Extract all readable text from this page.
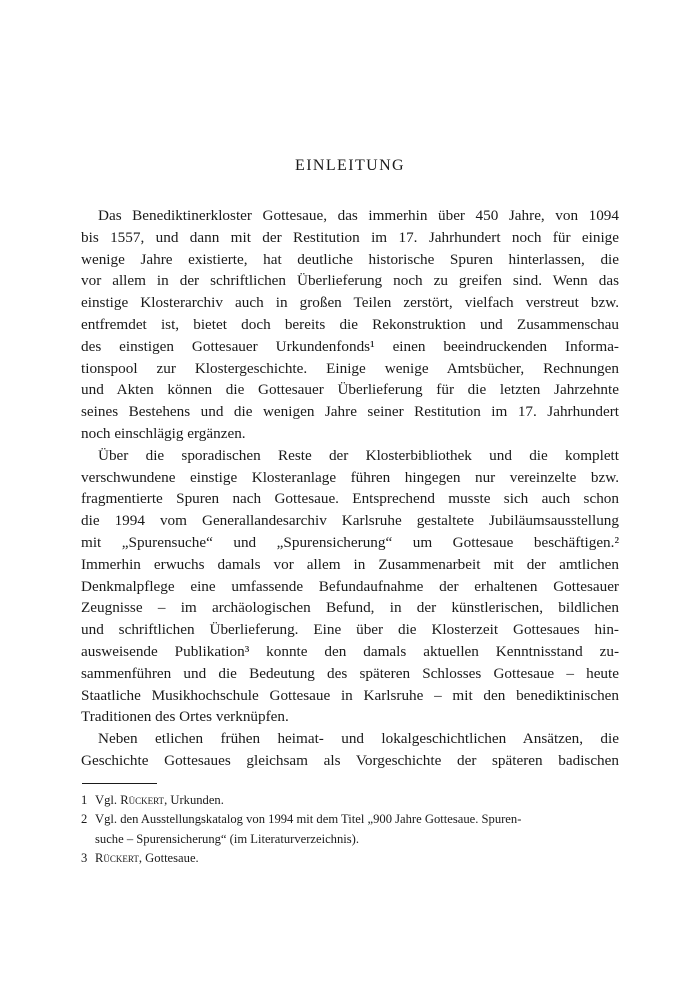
EINLEITUNG
Das Benediktinerkloster Gottesaue, das immerhin über 450 Jahre, von 1094
bis 1557, und dann mit der Restitution im 17. Jahrhundert noch für einige
wenige Jahre existierte, hat deutliche historische Spuren hinterlassen, die
vor allem in der schriftlichen Überlieferung noch zu greifen sind. Wenn das
einstige Klosterarchiv auch in großen Teilen zerstört, vielfach verstreut bzw.
entfremdet ist, bietet doch bereits die Rekonstruktion und Zusammenschau
des einstigen Gottesauer Urkundenfonds¹ einen beeindruckenden Informa-
tionspool zur Klostergeschichte. Einige wenige Amtsbücher, Rechnungen
und Akten können die Gottesauer Überlieferung für die letzten Jahrzehnte
seines Bestehens und die wenigen Jahre seiner Restitution im 17. Jahrhundert
noch einschlägig ergänzen.
Über die sporadischen Reste der Klosterbibliothek und die komplett
verschwundene einstige Klosteranlage führen hingegen nur vereinzelte bzw.
fragmentierte Spuren nach Gottesaue. Entsprechend musste sich auch schon
die 1994 vom Generallandesarchiv Karlsruhe gestaltete Jubiläumsausstellung
mit „Spurensuche“ und „Spurensicherung“ um Gottesaue beschäftigen.²
Immerhin erwuchs damals vor allem in Zusammenarbeit mit der amtlichen
Denkmalpflege eine umfassende Befundaufnahme der erhaltenen Gottesauer
Zeugnisse – im archäologischen Befund, in der künstlerischen, bildlichen
und schriftlichen Überlieferung. Eine über die Klosterzeit Gottesaues hin-
ausweisende Publikation³ konnte den damals aktuellen Kenntnisstand zu-
sammenführen und die Bedeutung des späteren Schlosses Gottesaue – heute
Staatliche Musikhochschule Gottesaue in Karlsruhe – mit den benediktinischen
Traditionen des Ortes verknüpfen.
Neben etlichen frühen heimat- und lokalgeschichtlichen Ansätzen, die
Geschichte Gottesaues gleichsam als Vorgeschichte der späteren badischen
1 Vgl. Rückert, Urkunden.
2 Vgl. den Ausstellungskatalog von 1994 mit dem Titel „900 Jahre Gottesaue. Spuren-
suche – Spurensicherung“ (im Literaturverzeichnis).
3 Rückert, Gottesaue.
